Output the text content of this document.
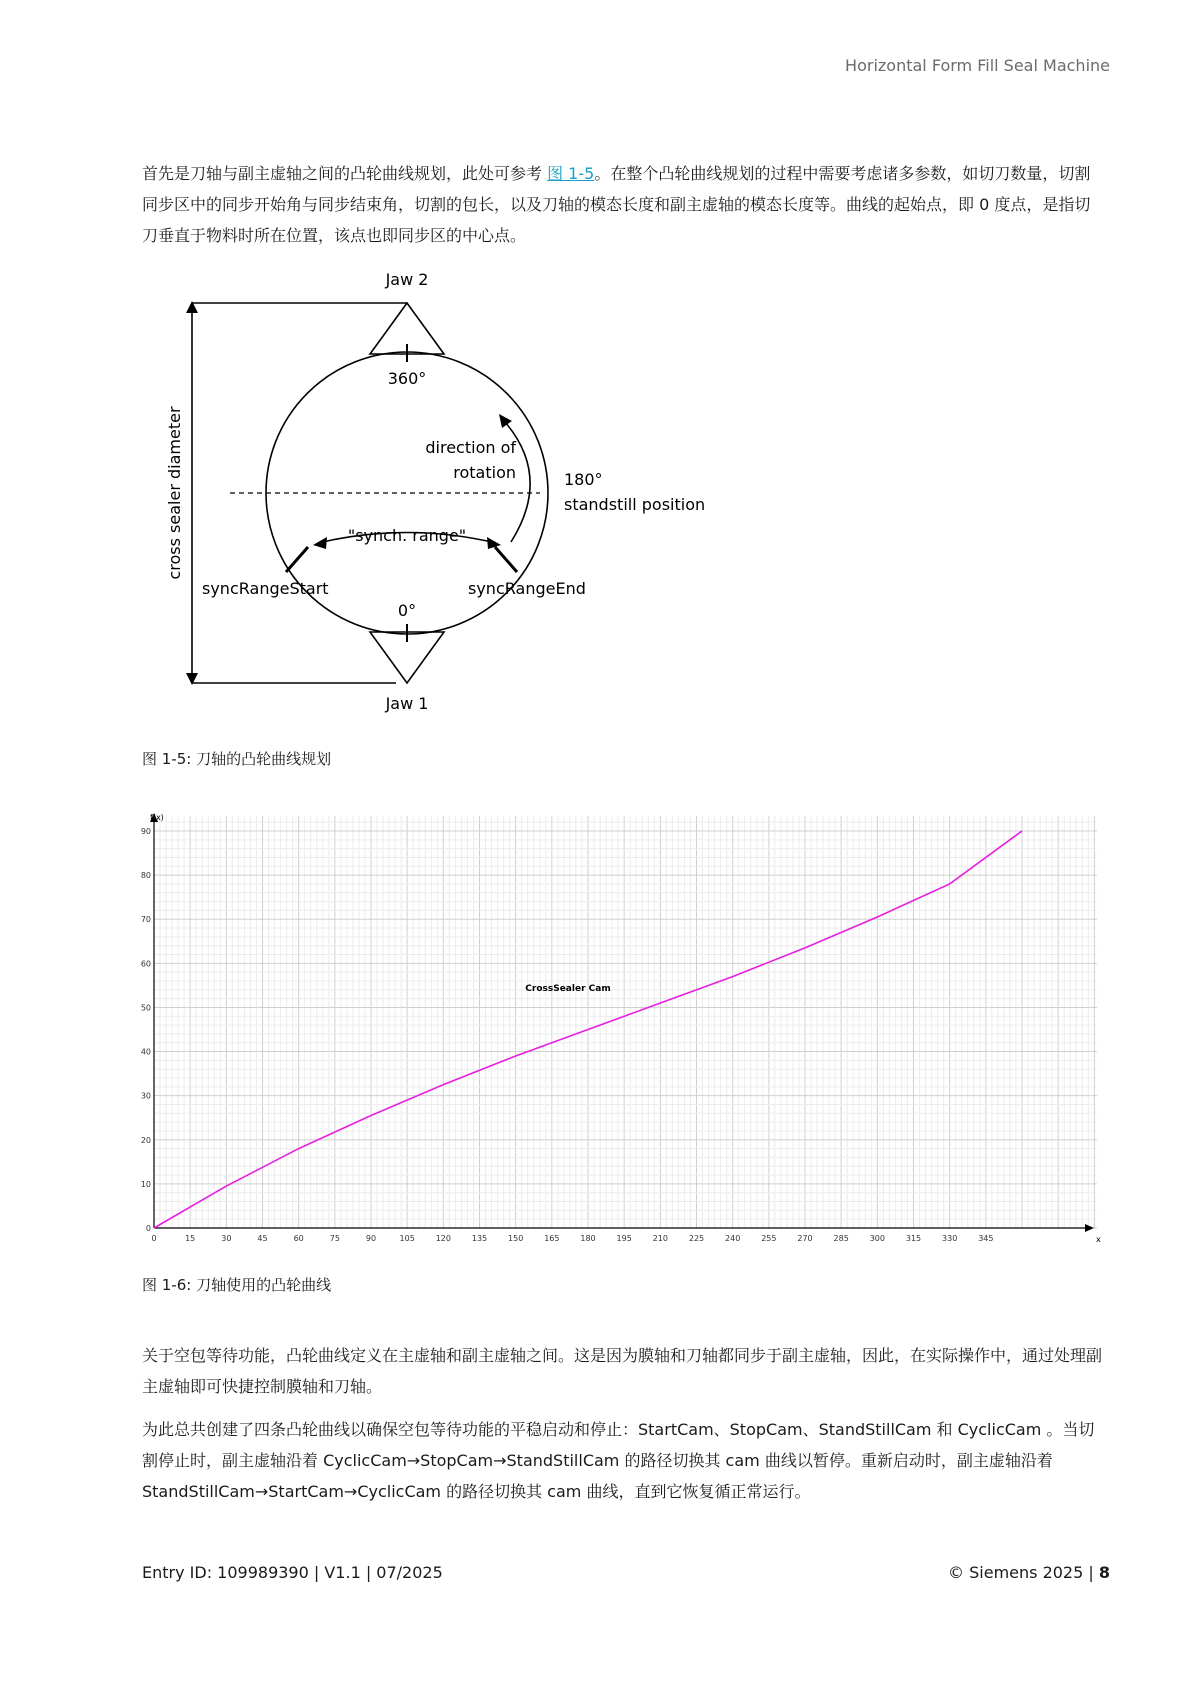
Horizontal Form Fill Seal Machine

首先是刀轴与副主虚轴之间的凸轮曲线规划，此处可参考 图 1-5。在整个凸轮曲线规划的过程中需要考虑诸多参数，如切刀数量，切割同步区中的同步开始角与同步结束角，切割的包长，以及刀轴的模态长度和副主虚轴的模态长度等。曲线的起始点，即 0 度点，是指切刀垂直于物料时所在位置，该点也即同步区的中心点。

cross sealer diameter
Jaw 2
Jaw 1
360°
0°
180°
standstill position
direction of
rotation
"synch. range"
syncRangeStart	syncRangeEnd
图 1-5: 刀轴的凸轮曲线规划
0	15	30	45	60	75	90	105	120	135	150	165	180	195	210	225	240	255	270	285	300	315	330	345
0
10
20
30
40
50
60
70
80
90
CrossSealer Cam
f(x)
x
图 1-6: 刀轴使用的凸轮曲线

关于空包等待功能，凸轮曲线定义在主虚轴和副主虚轴之间。这是因为膜轴和刀轴都同步于副主虚轴，因此，在实际操作中，通过处理副主虚轴即可快捷控制膜轴和刀轴。

为此总共创建了四条凸轮曲线以确保空包等待功能的平稳启动和停止：StartCam、StopCam、StandStillCam 和 CyclicCam 。当切割停止时，副主虚轴沿着 CyclicCam→StopCam→StandStillCam 的路径切换其 cam 曲线以暂停。重新启动时，副主虚轴沿着 StandStillCam→StartCam→CyclicCam 的路径切换其 cam 曲线，直到它恢复循正常运行。

Entry ID: 109989390 | V1.1 | 07/2025	© Siemens 2025 | 8
